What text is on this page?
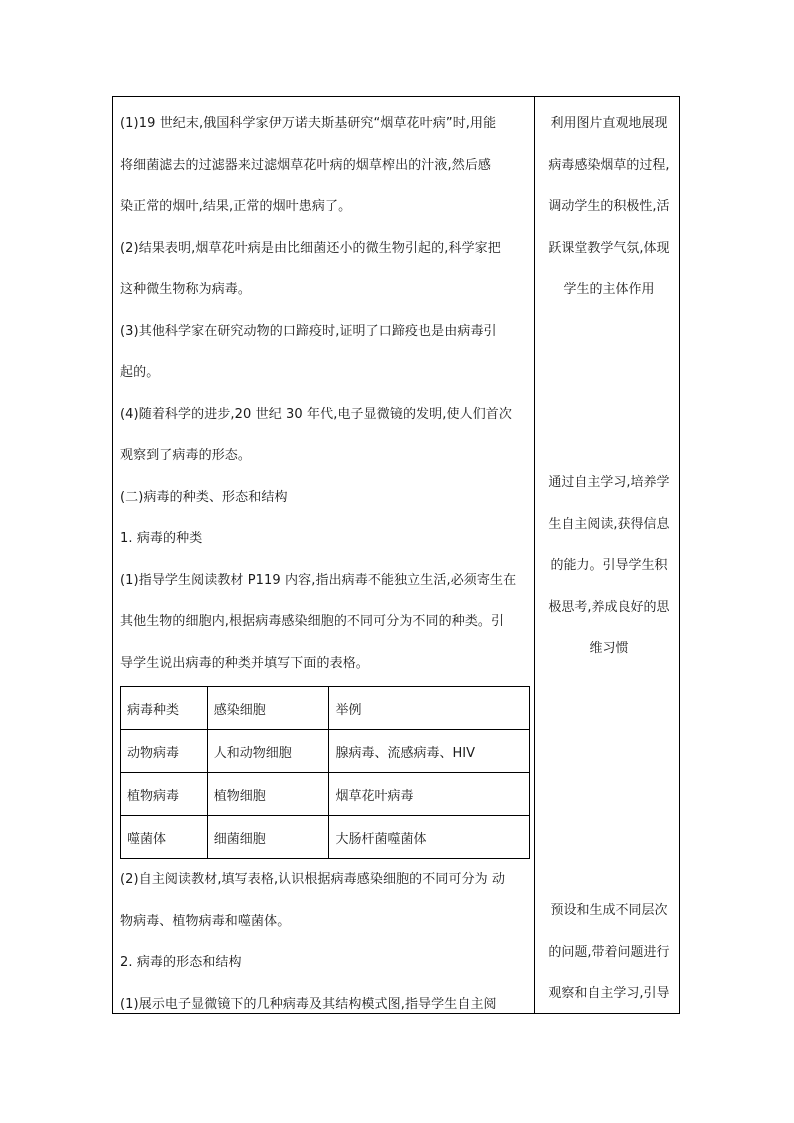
(1)19 世纪末,俄国科学家伊万诺夫斯基研究“烟草花叶病”时,用能

将细菌滤去的过滤器来过滤烟草花叶病的烟草榨出的汁液,然后感

染正常的烟叶,结果,正常的烟叶患病了。

(2)结果表明,烟草花叶病是由比细菌还小的微生物引起的,科学家把

这种微生物称为病毒。

(3)其他科学家在研究动物的口蹄疫时,证明了口蹄疫也是由病毒引

起的。

(4)随着科学的进步,20 世纪 30 年代,电子显微镜的发明,使人们首次

观察到了病毒的形态。

(二)病毒的种类、形态和结构

1. 病毒的种类

(1)指导学生阅读教材 P119 内容,指出病毒不能独立生活,必须寄生在

其他生物的细胞内,根据病毒感染细胞的不同可分为不同的种类。引

导学生说出病毒的种类并填写下面的表格。

病毒种类	感染细胞	举例
动物病毒	人和动物细胞	腺病毒、流感病毒、HIV
植物病毒	植物细胞	烟草花叶病毒
噬菌体	细菌细胞	大肠杆菌噬菌体

(2)自主阅读教材,填写表格,认识根据病毒感染细胞的不同可分为 动

物病毒、植物病毒和噬菌体。

2. 病毒的形态和结构

(1)展示电子显微镜下的几种病毒及其结构模式图,指导学生自主阅

利用图片直观地展现

病毒感染烟草的过程,

调动学生的积极性,活

跃课堂教学气氛,体现

学生的主体作用

通过自主学习,培养学

生自主阅读,获得信息

的能力。引导学生积

极思考,养成良好的思

维习惯

预设和生成不同层次

的问题,带着问题进行

观察和自主学习,引导
